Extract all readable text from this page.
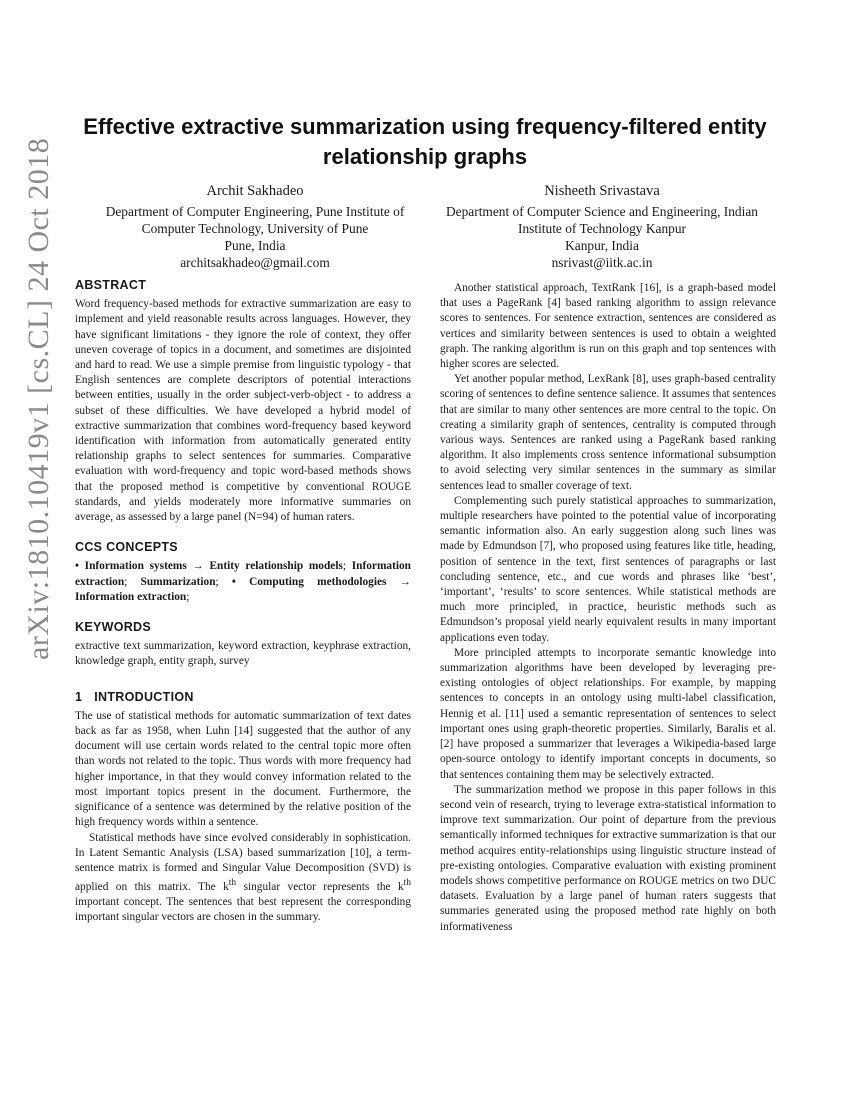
arXiv:1810.10419v1 [cs.CL] 24 Oct 2018
Effective extractive summarization using frequency-filtered entity relationship graphs
Archit Sakhadeo
Department of Computer Engineering, Pune Institute of Computer Technology, University of Pune
Pune, India
architsakhadeo@gmail.com
Nisheeth Srivastava
Department of Computer Science and Engineering, Indian Institute of Technology Kanpur
Kanpur, India
nsrivast@iitk.ac.in
ABSTRACT

Word frequency-based methods for extractive summarization are easy to implement and yield reasonable results across languages. However, they have significant limitations - they ignore the role of context, they offer uneven coverage of topics in a document, and sometimes are disjointed and hard to read. We use a simple premise from linguistic typology - that English sentences are complete descriptors of potential interactions between entities, usually in the order subject-verb-object - to address a subset of these difficulties. We have developed a hybrid model of extractive summarization that combines word-frequency based keyword identification with information from automatically generated entity relationship graphs to select sentences for summaries. Comparative evaluation with word-frequency and topic word-based methods shows that the proposed method is competitive by conventional ROUGE standards, and yields moderately more informative summaries on average, as assessed by a large panel (N=94) of human raters.

CCS CONCEPTS

• Information systems → Entity relationship models; Information extraction; Summarization; • Computing methodologies → Information extraction;

KEYWORDS

extractive text summarization, keyword extraction, keyphrase extraction, knowledge graph, entity graph, survey

1 INTRODUCTION

The use of statistical methods for automatic summarization of text dates back as far as 1958, when Luhn [14] suggested that the author of any document will use certain words related to the central topic more often than words not related to the topic. Thus words with more frequency had higher importance, in that they would convey information related to the most important topics present in the document. Furthermore, the significance of a sentence was determined by the relative position of the high frequency words within a sentence.

Statistical methods have since evolved considerably in sophistication. In Latent Semantic Analysis (LSA) based summarization [10], a term-sentence matrix is formed and Singular Value Decomposition (SVD) is applied on this matrix. The $k^{th}$ singular vector represents the $k^{th}$ important concept. The sentences that best represent the corresponding important singular vectors are chosen in the summary.

Another statistical approach, TextRank [16], is a graph-based model that uses a PageRank [4] based ranking algorithm to assign relevance scores to sentences. For sentence extraction, sentences are considered as vertices and similarity between sentences is used to obtain a weighted graph. The ranking algorithm is run on this graph and top sentences with higher scores are selected.

Yet another popular method, LexRank [8], uses graph-based centrality scoring of sentences to define sentence salience. It assumes that sentences that are similar to many other sentences are more central to the topic. On creating a similarity graph of sentences, centrality is computed through various ways. Sentences are ranked using a PageRank based ranking algorithm. It also implements cross sentence informational subsumption to avoid selecting very similar sentences in the summary as similar sentences lead to smaller coverage of text.

Complementing such purely statistical approaches to summarization, multiple researchers have pointed to the potential value of incorporating semantic information also. An early suggestion along such lines was made by Edmundson [7], who proposed using features like title, heading, position of sentence in the text, first sentences of paragraphs or last concluding sentence, etc., and cue words and phrases like ‘best’, ‘important’, ‘results’ to score sentences. While statistical methods are much more principled, in practice, heuristic methods such as Edmundson’s proposal yield nearly equivalent results in many important applications even today.

More principled attempts to incorporate semantic knowledge into summarization algorithms have been developed by leveraging pre-existing ontologies of object relationships. For example, by mapping sentences to concepts in an ontology using multi-label classification, Hennig et al. [11] used a semantic representation of sentences to select important ones using graph-theoretic properties. Similarly, Baralis et al. [2] have proposed a summarizer that leverages a Wikipedia-based large open-source ontology to identify important concepts in documents, so that sentences containing them may be selectively extracted.

The summarization method we propose in this paper follows in this second vein of research, trying to leverage extra-statistical information to improve text summarization. Our point of departure from the previous semantically informed techniques for extractive summarization is that our method acquires entity-relationships using linguistic structure instead of pre-existing ontologies. Comparative evaluation with existing prominent models shows competitive performance on ROUGE metrics on two DUC datasets. Evaluation by a large panel of human raters suggests that summaries generated using the proposed method rate highly on both informativeness
